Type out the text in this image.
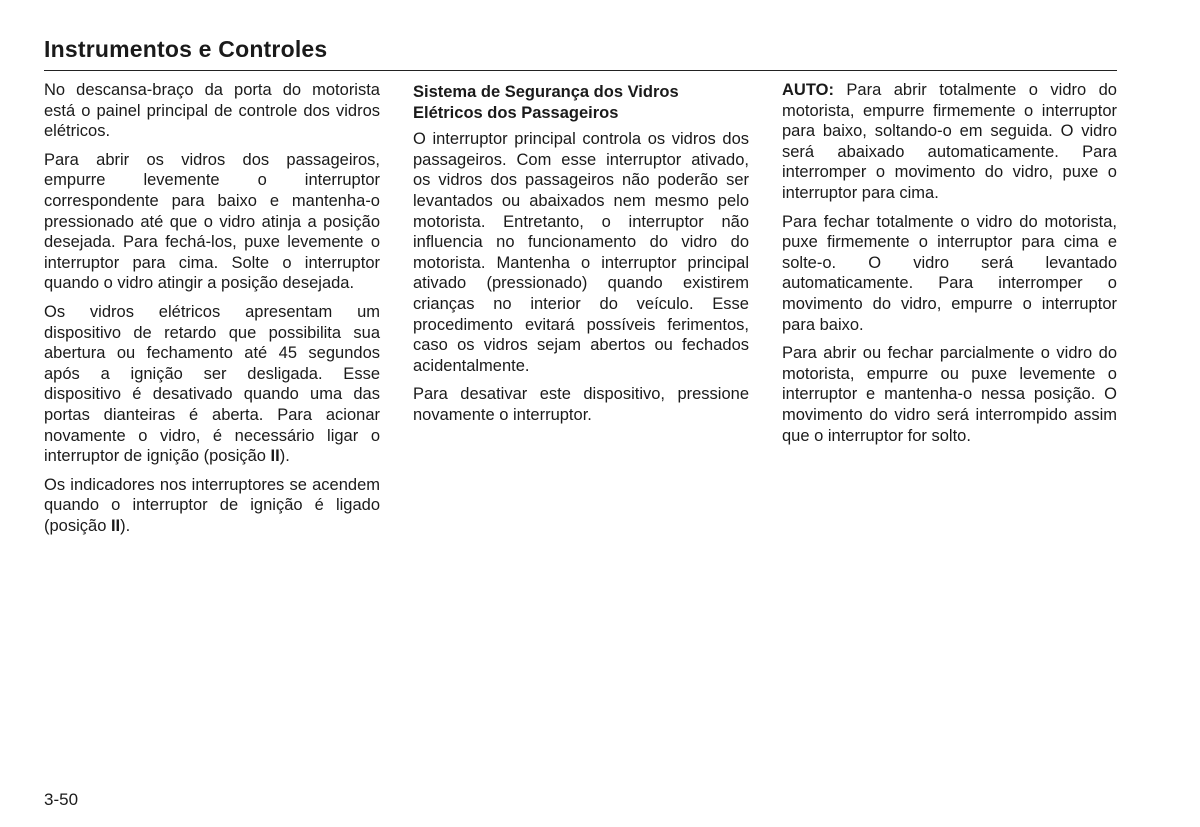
Instrumentos e Controles

No descansa-braço da porta do motorista está o painel principal de controle dos vidros elétricos.

Para abrir os vidros dos passageiros, empurre levemente o interruptor correspondente para baixo e mantenha-o pressionado até que o vidro atinja a posição desejada. Para fechá-los, puxe levemente o interruptor para cima. Solte o interruptor quando o vidro atingir a posição desejada.

Os vidros elétricos apresentam um dispositivo de retardo que possibilita sua abertura ou fechamento até 45 segundos após a ignição ser desligada. Esse dispositivo é desativado quando uma das portas dianteiras é aberta. Para acionar novamente o vidro, é necessário ligar o interruptor de ignição (posição II).

Os indicadores nos interruptores se acendem quando o interruptor de ignição é ligado (posição II).

Sistema de Segurança dos Vidros Elétricos dos Passageiros

O interruptor principal controla os vidros dos passageiros. Com esse interruptor ativado, os vidros dos passageiros não poderão ser levantados ou abaixados nem mesmo pelo motorista. Entretanto, o interruptor não influencia no funcionamento do vidro do motorista. Mantenha o interruptor principal ativado (pressionado) quando existirem crianças no interior do veículo. Esse procedimento evitará possíveis ferimentos, caso os vidros sejam abertos ou fechados acidentalmente.

Para desativar este dispositivo, pressione novamente o interruptor.

AUTO: Para abrir totalmente o vidro do motorista, empurre firmemente o interruptor para baixo, soltando-o em seguida. O vidro será abaixado automaticamente. Para interromper o movimento do vidro, puxe o interruptor para cima.

Para fechar totalmente o vidro do motorista, puxe firmemente o interruptor para cima e solte-o. O vidro será levantado automaticamente. Para interromper o movimento do vidro, empurre o interruptor para baixo.

Para abrir ou fechar parcialmente o vidro do motorista, empurre ou puxe levemente o interruptor e mantenha-o nessa posição. O movimento do vidro será interrompido assim que o interruptor for solto.

3-50
